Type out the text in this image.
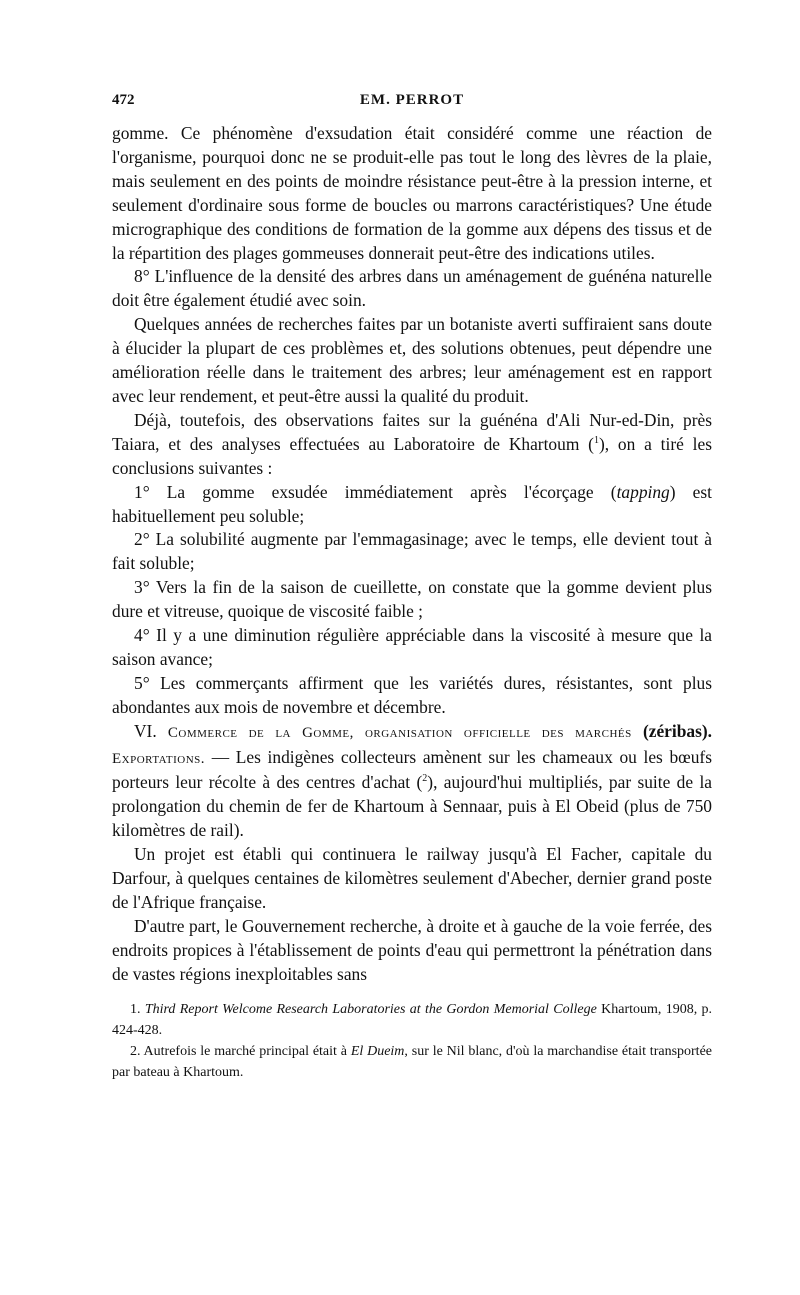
472	EM. PERROT

gomme. Ce phénomène d'exsudation était considéré comme une réaction de l'organisme, pourquoi donc ne se produit-elle pas tout le long des lèvres de la plaie, mais seulement en des points de moindre résistance peut-être à la pression interne, et seulement d'ordinaire sous forme de boucles ou marrons caractéristiques? Une étude micrographique des conditions de formation de la gomme aux dépens des tissus et de la répartition des plages gommeuses donnerait peut-être des indications utiles.

8° L'influence de la densité des arbres dans un aménagement de guénéna naturelle doit être également étudié avec soin.

Quelques années de recherches faites par un botaniste averti suffiraient sans doute à élucider la plupart de ces problèmes et, des solutions obtenues, peut dépendre une amélioration réelle dans le traitement des arbres; leur aménagement est en rapport avec leur rendement, et peut-être aussi la qualité du produit.

Déjà, toutefois, des observations faites sur la guénéna d'Ali Nur-ed-Din, près Taiara, et des analyses effectuées au Laboratoire de Khartoum ($^1$), on a tiré les conclusions suivantes :

1° La gomme exsudée immédiatement après l'écorçage (tapping) est habituellement peu soluble;

2° La solubilité augmente par l'emmagasinage; avec le temps, elle devient tout à fait soluble;

3° Vers la fin de la saison de cueillette, on constate que la gomme devient plus dure et vitreuse, quoique de viscosité faible ;

4° Il y a une diminution régulière appréciable dans la viscosité à mesure que la saison avance;

5° Les commerçants affirment que les variétés dures, résistantes, sont plus abondantes aux mois de novembre et décembre.

VI. Commerce de la Gomme, organisation officielle des marchés (zéribas). Exportations. — Les indigènes collecteurs amènent sur les chameaux ou les bœufs porteurs leur récolte à des centres d'achat ($^2$), aujourd'hui multipliés, par suite de la prolongation du chemin de fer de Khartoum à Sennaar, puis à El Obeid (plus de 750 kilomètres de rail).

Un projet est établi qui continuera le railway jusqu'à El Facher, capitale du Darfour, à quelques centaines de kilomètres seulement d'Abecher, dernier grand poste de l'Afrique française.

D'autre part, le Gouvernement recherche, à droite et à gauche de la voie ferrée, des endroits propices à l'établissement de points d'eau qui permettront la pénétration dans de vastes régions inexploitables sans

1. Third Report Welcome Research Laboratories at the Gordon Memorial College Khartoum, 1908, p. 424-428.

2. Autrefois le marché principal était à El Dueim, sur le Nil blanc, d'où la marchandise était transportée par bateau à Khartoum.
